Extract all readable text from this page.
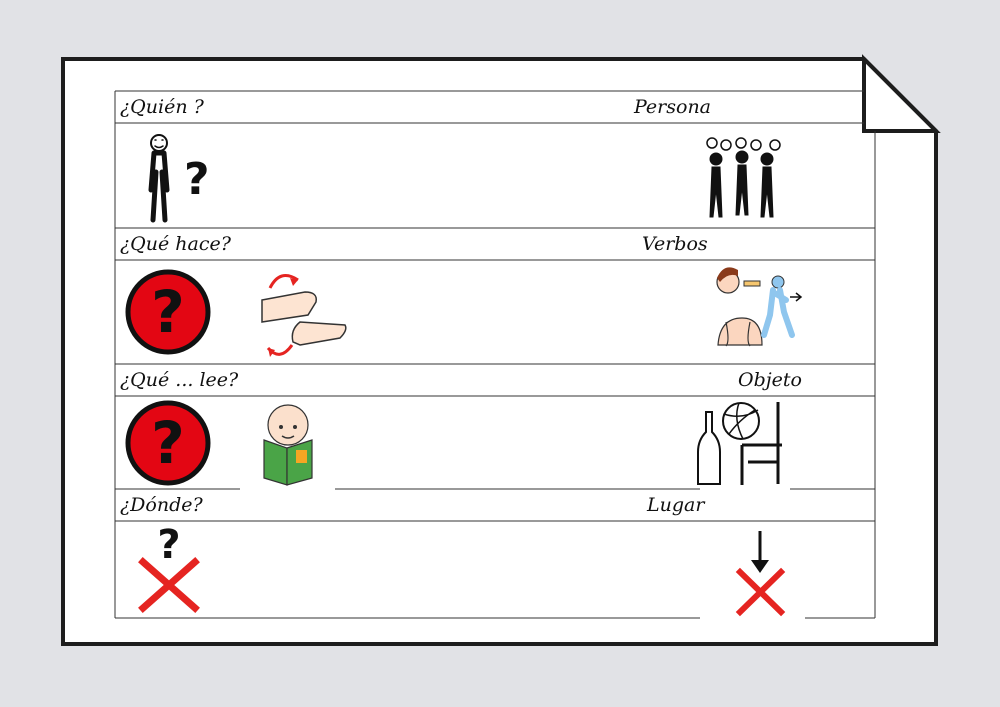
?
?
?
?
¿Quién ?	Persona
¿Qué hace?	Verbos
¿Qué ... lee?	Objeto
¿Dónde?	Lugar
